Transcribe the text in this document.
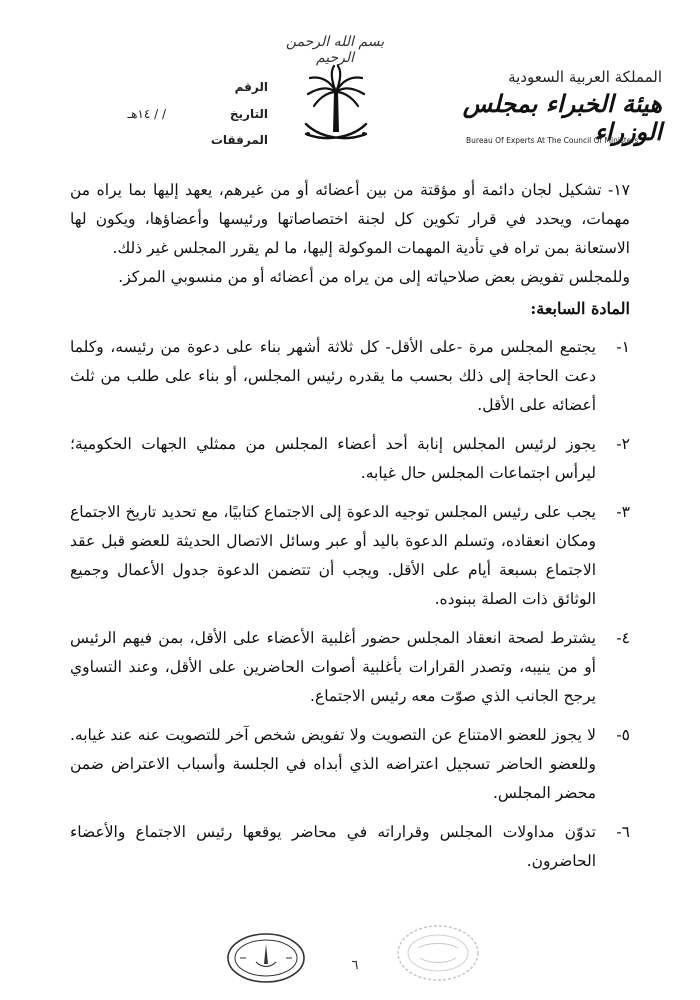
بسم الله الرحمن الرحيم
المملكة العربية السعودية
هيئة الخبراء بمجلس الوزراء
Bureau Of Experts At The Council Of Ministers
الرقم
التاريخ
/ / ١٤هـ
المرفقات

١٧- تشكيل لجان دائمة أو مؤقتة من بين أعضائه أو من غيرهم، يعهد إليها بما يراه من مهمات، ويحدد في قرار تكوين كل لجنة اختصاصاتها ورئيسها وأعضاؤها، ويكون لها الاستعانة بمن تراه في تأدية المهمات الموكولة إليها، ما لم يقرر المجلس غير ذلك.

وللمجلس تفويض بعض صلاحياته إلى من يراه من أعضائه أو من منسوبي المركز.

المادة السابعة:

١-
يجتمع المجلس مرة -على الأقل- كل ثلاثة أشهر بناء على دعوة من رئيسه، وكلما دعت الحاجة إلى ذلك بحسب ما يقدره رئيس المجلس، أو بناء على طلب من ثلث أعضائه على الأقل.
٢-
يجوز لرئيس المجلس إنابة أحد أعضاء المجلس من ممثلي الجهات الحكومية؛ ليرأس اجتماعات المجلس حال غيابه.
٣-
يجب على رئيس المجلس توجيه الدعوة إلى الاجتماع كتابيًا، مع تحديد تاريخ الاجتماع ومكان انعقاده، وتسلم الدعوة باليد أو عبر وسائل الاتصال الحديثة للعضو قبل عقد الاجتماع بسبعة أيام على الأقل. ويجب أن تتضمن الدعوة جدول الأعمال وجميع الوثائق ذات الصلة ببنوده.
٤-
يشترط لصحة انعقاد المجلس حضور أغلبية الأعضاء على الأقل، بمن فيهم الرئيس أو من ينيبه، وتصدر القرارات بأغلبية أصوات الحاضرين على الأقل، وعند التساوي يرجح الجانب الذي صوّت معه رئيس الاجتماع.
٥-
لا يجوز للعضو الامتناع عن التصويت ولا تفويض شخص آخر للتصويت عنه عند غيابه. وللعضو الحاضر تسجيل اعتراضه الذي أبداه في الجلسة وأسباب الاعتراض ضمن محضر المجلس.
٦-
تدوّن مداولات المجلس وقراراته في محاضر يوقعها رئيس الاجتماع والأعضاء الحاضرون.
٦
